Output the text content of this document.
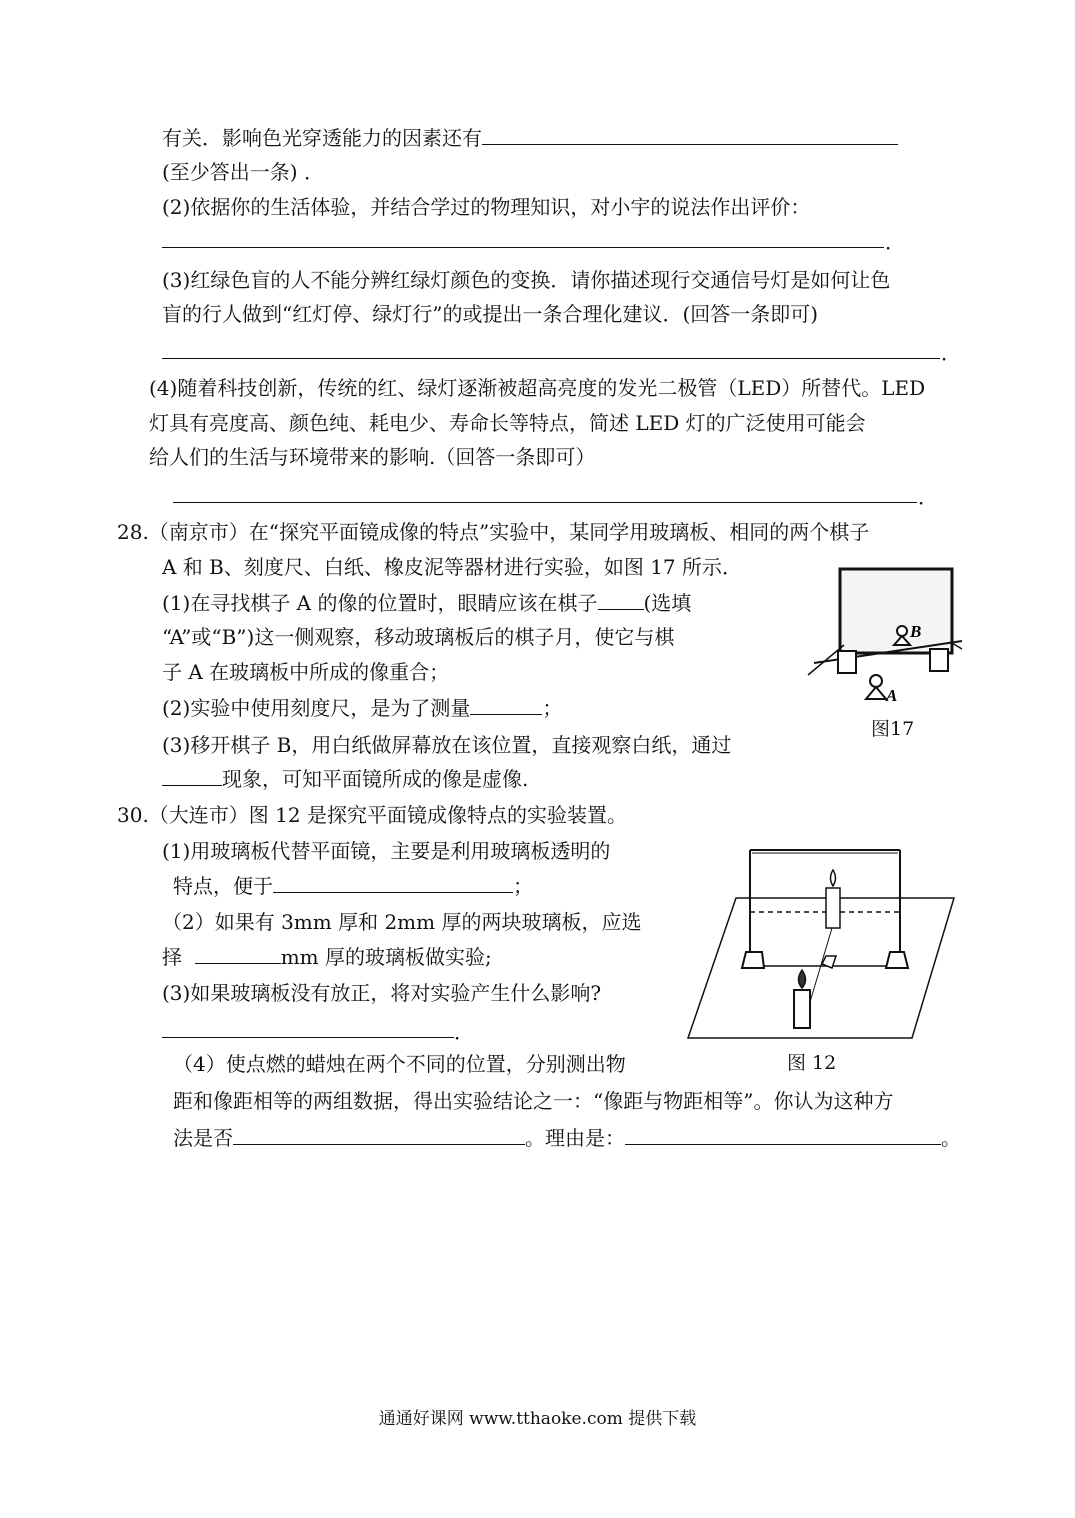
有关．影响色光穿透能力的因素还有
(至少答出一条) ．
(2)依据你的生活体验，并结合学过的物理知识，对小宇的说法作出评价：
．
(3)红绿色盲的人不能分辨红绿灯颜色的变换．请你描述现行交通信号灯是如何让色
盲的行人做到“红灯停、绿灯行”的或提出一条合理化建议．(回答一条即可)
．
(4)随着科技创新，传统的红、绿灯逐渐被超高亮度的发光二极管（LED）所替代。LED
灯具有亮度高、颜色纯、耗电少、寿命长等特点，简述 LED 灯的广泛使用可能会
给人们的生活与环境带来的影响.（回答一条即可）
．
28.（南京市）在“探究平面镜成像的特点”实验中，某同学用玻璃板、相同的两个棋子
A 和 B、刻度尺、白纸、橡皮泥等器材进行实验，如图 17 所示．
(1)在寻找棋子 A 的像的位置时，眼睛应该在棋子 (选填
“A”或“B”)这一侧观察，移动玻璃板后的棋子月，使它与棋
子 A 在玻璃板中所成的像重合；
(2)实验中使用刻度尺，是为了测量	；
(3)移开棋子 B，用白纸做屏幕放在该位置，直接观察白纸，通过
现象，可知平面镜所成的像是虚像.
B
A
图17
30.（大连市）图 12 是探究平面镜成像特点的实验装置。
(1)用玻璃板代替平面镜，主要是利用玻璃板透明的
特点，便于	；
（2）如果有 3mm 厚和 2mm 厚的两块玻璃板，应选
择	mm 厚的玻璃板做实验;
(3)如果玻璃板没有放正，将对实验产生什么影响?
．
（4）使点燃的蜡烛在两个不同的位置，分别测出物
距和像距相等的两组数据，得出实验结论之一：“像距与物距相等”。你认为这种方
法是否	。理由是：	。
图 12
通通好课网 www.tthaoke.com 提供下载
